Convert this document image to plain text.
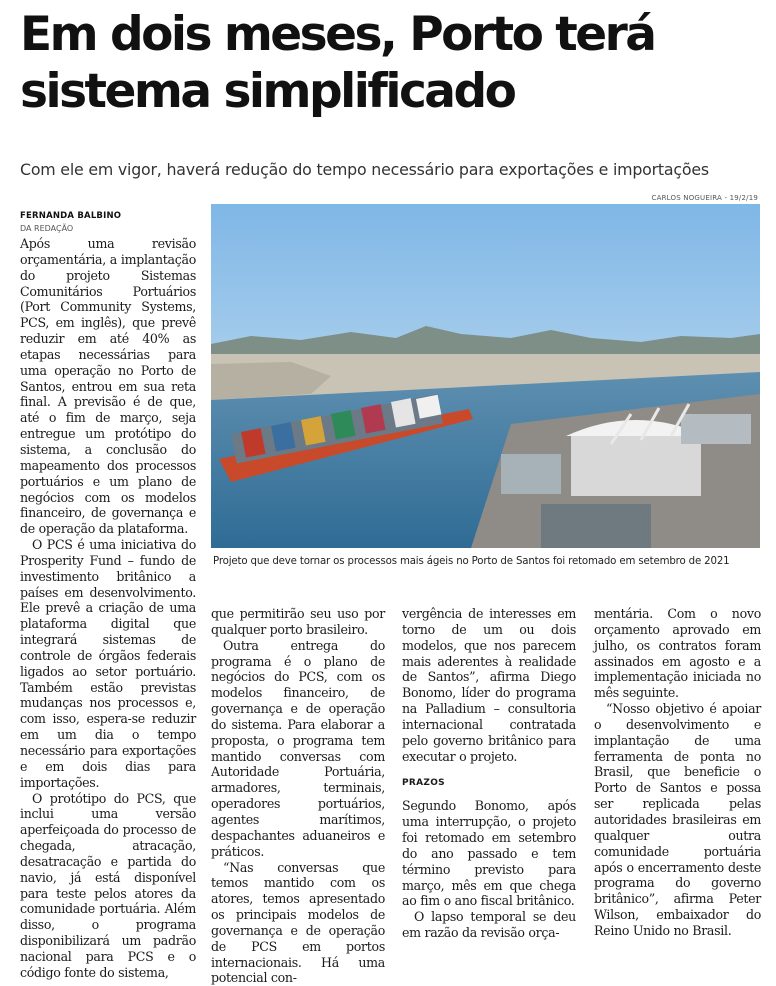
Em dois meses, Porto terá sistema simplificado

Com ele em vigor, haverá redução do tempo necessário para exportações e importações

FERNANDA BALBINO
DA REDAÇÃO
CARLOS NOGUEIRA - 19/2/19
Projeto que deve tornar os processos mais ágeis no Porto de Santos foi retomado em setembro de 2021

Após uma revisão orçamentária, a implantação do projeto Sistemas Comunitários Portuários (Port Community Systems, PCS, em inglês), que prevê reduzir em até 40% as etapas necessárias para uma operação no Porto de Santos, entrou em sua reta final. A previsão é de que, até o fim de março, seja entregue um protótipo do sistema, a conclusão do mapeamento dos processos portuários e um plano de negócios com os modelos financeiro, de governança e de operação da plataforma.

O PCS é uma iniciativa do Prosperity Fund – fundo de investimento britânico a países em desenvolvimento. Ele prevê a criação de uma plataforma digital que integrará sistemas de controle de órgãos federais ligados ao setor portuário. Também estão previstas mudanças nos processos e, com isso, espera-se reduzir em um dia o tempo necessário para exportações e em dois dias para importações.

O protótipo do PCS, que inclui uma versão aperfeiçoada do processo de chegada, atracação, desatracação e partida do navio, já está disponível para teste pelos atores da comunidade portuária. Além disso, o programa disponibilizará um padrão nacional para PCS e o código fonte do sistema,

que permitirão seu uso por qualquer porto brasileiro.

Outra entrega do programa é o plano de negócios do PCS, com os modelos financeiro, de governança e de operação do sistema. Para elaborar a proposta, o programa tem mantido conversas com Autoridade Portuária, armadores, terminais, operadores portuários, agentes marítimos, despachantes aduaneiros e práticos.

“Nas conversas que temos mantido com os atores, temos apresentado os principais modelos de governança e de operação de PCS em portos internacionais. Há uma potencial con-

vergência de interesses em torno de um ou dois modelos, que nos parecem mais aderentes à realidade de Santos”, afirma Diego Bonomo, líder do programa na Palladium – consultoria internacional contratada pelo governo britânico para executar o projeto.

PRAZOS

Segundo Bonomo, após uma interrupção, o projeto foi retomado em setembro do ano passado e tem término previsto para março, mês em que chega ao fim o ano fiscal britânico.

O lapso temporal se deu em razão da revisão orça-

mentária. Com o novo orçamento aprovado em julho, os contratos foram assinados em agosto e a implementação iniciada no mês seguinte.

“Nosso objetivo é apoiar o desenvolvimento e implantação de uma ferramenta de ponta no Brasil, que beneficie o Porto de Santos e possa ser replicada pelas autoridades brasileiras em qualquer outra comunidade portuária após o encerramento deste programa do governo britânico”, afirma Peter Wilson, embaixador do Reino Unido no Brasil.
